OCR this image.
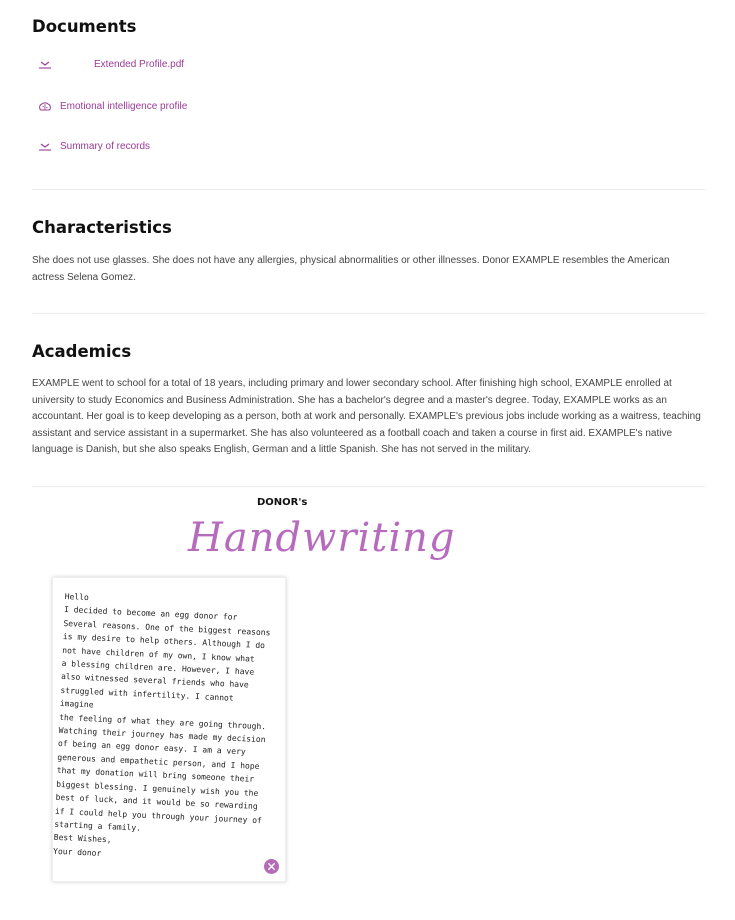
Documents
Extended Profile.pdf
Emotional intelligence profile
Summary of records
Characteristics

She does not use glasses. She does not have any allergies, physical abnormalities or other illnesses. Donor EXAMPLE resembles the American actress Selena Gomez.

Academics

EXAMPLE went to school for a total of 18 years, including primary and lower secondary school. After finishing high school, EXAMPLE enrolled at university to study Economics and Business Administration. She has a bachelor's degree and a master's degree. Today, EXAMPLE works as an accountant. Her goal is to keep developing as a person, both at work and personally. EXAMPLE's previous jobs include working as a waitress, teaching assistant and service assistant in a supermarket. She has also volunteered as a football coach and taken a course in first aid. EXAMPLE's native language is Danish, but she also speaks English, German and a little Spanish. She has not served in the military.

DONOR's
Handwriting
Hello
I decided to become an egg donor for
Several reasons. One of the biggest reasons
is my desire to help others. Although I do
not have children of my own, I know what
a blessing children are. However, I have
also witnessed several friends who have
struggled with infertility. I cannot imagine
the feeling of what they are going through.
Watching their journey has made my decision
of being an egg donor easy. I am a very
generous and empathetic person, and I hope
that my donation will bring someone their
biggest blessing. I genuinely wish you the
best of luck, and it would be so rewarding
if I could help you through your journey of
starting a family.
Best Wishes,
Your donor
